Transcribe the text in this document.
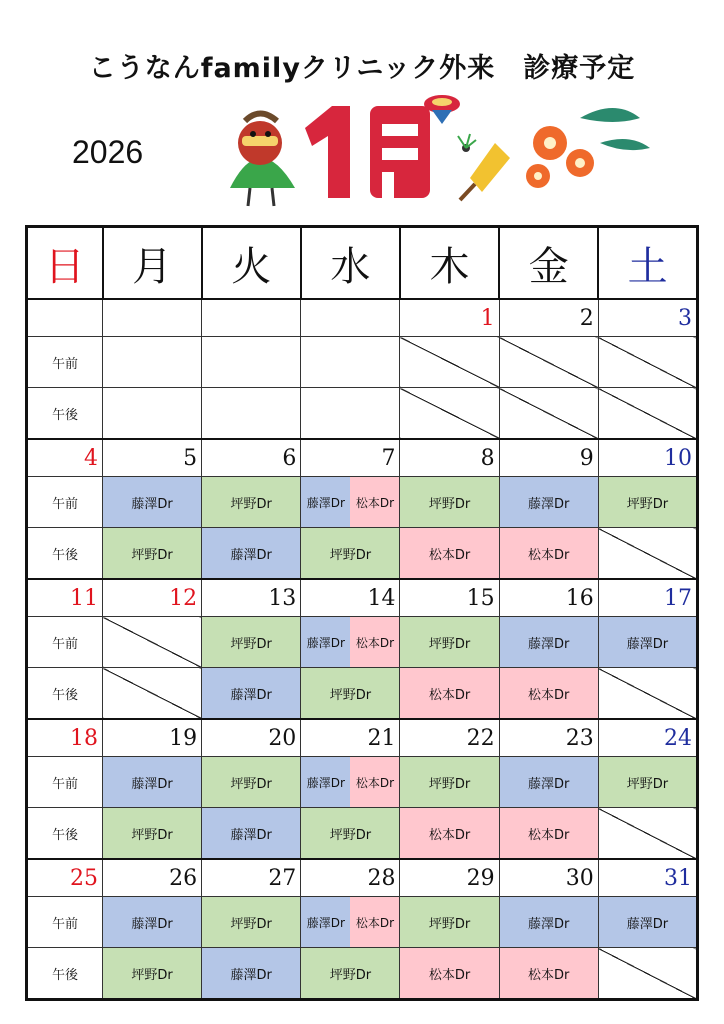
こうなんfamilyクリニック外来　診療予定
2026
日	月	火	水	木	金	土
				1	2	3
午前						
午後						
4	5	6	7	8	9	10
午前	藤澤Dr	坪野Dr	藤澤Dr 松本Dr	坪野Dr	藤澤Dr	坪野Dr
午後	坪野Dr	藤澤Dr	坪野Dr	松本Dr	松本Dr	
11	12	13	14	15	16	17
午前		坪野Dr	藤澤Dr 松本Dr	坪野Dr	藤澤Dr	藤澤Dr
午後		藤澤Dr	坪野Dr	松本Dr	松本Dr	
18	19	20	21	22	23	24
午前	藤澤Dr	坪野Dr	藤澤Dr 松本Dr	坪野Dr	藤澤Dr	坪野Dr
午後	坪野Dr	藤澤Dr	坪野Dr	松本Dr	松本Dr	
25	26	27	28	29	30	31
午前	藤澤Dr	坪野Dr	藤澤Dr 松本Dr	坪野Dr	藤澤Dr	藤澤Dr
午後	坪野Dr	藤澤Dr	坪野Dr	松本Dr	松本Dr	
